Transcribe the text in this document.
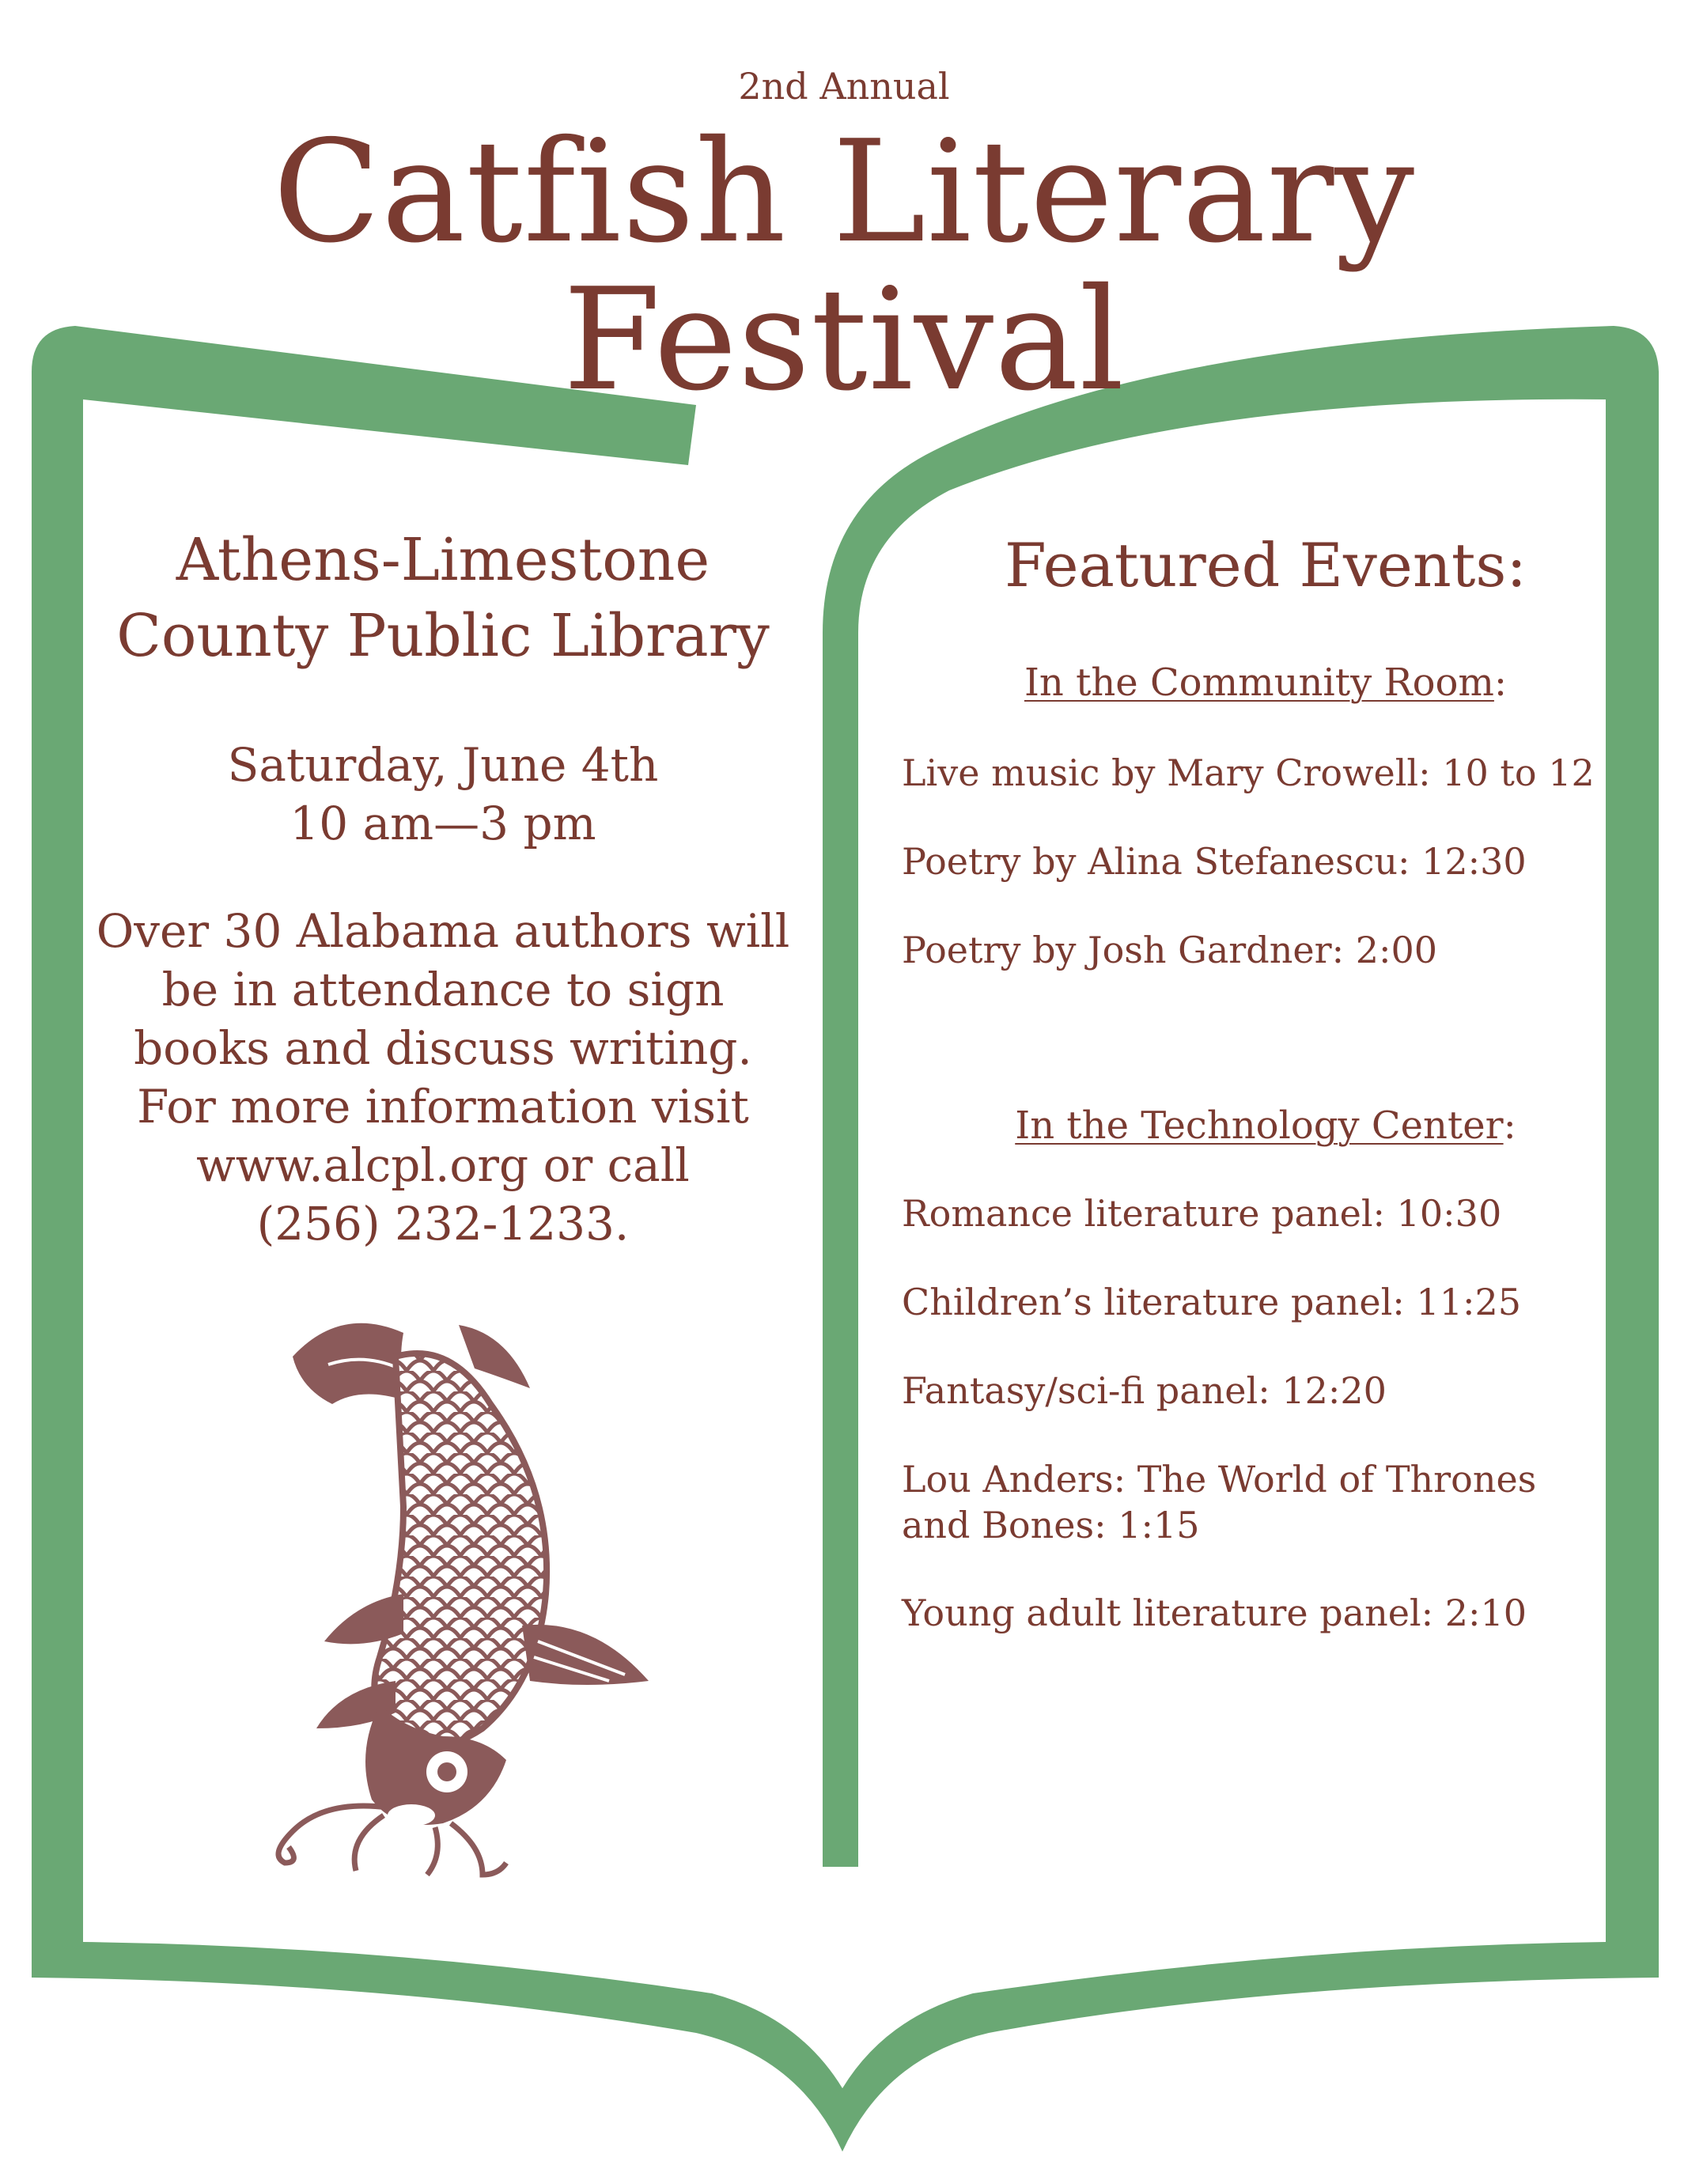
2nd Annual
Catfish Literary Festival
Athens-Limestone
County Public Library
Saturday, June 4th
10 am—3 pm
Over 30 Alabama authors will
be in attendance to sign
books and discuss writing.
For more information visit
www.alcpl.org or call
(256) 232-1233.
Featured Events:
In the Community Room:
Live music by Mary Crowell: 10 to 12
Poetry by Alina Stefanescu: 12:30
Poetry by Josh Gardner: 2:00
In the Technology Center:
Romance literature panel: 10:30
Children’s literature panel: 11:25
Fantasy/sci-fi panel: 12:20
Lou Anders: The World of Thrones and Bones: 1:15
Young adult literature panel: 2:10
